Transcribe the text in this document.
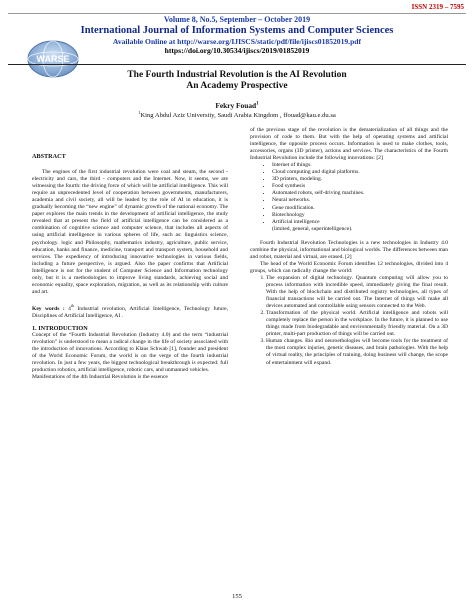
ISSN 2319 – 7595
WARSE
Volume 8, No.5, September – October 2019
International Journal of Information Systems and Computer Sciences
Available Online at http://warse.org/IJISCS/static/pdf/file/ijiscs01852019.pdf
https://doi.org/10.30534/ijiscs/2019/01852019
The Fourth Industrial Revolution is the AI Revolution
An Academy Prospective
Fekry Fouad$^1$
$^1$King Abdul Aziz University, Saudi Arabia Kingdom , ffouad@kau.e.du.sa

ABSTRACT

The engines of the first industrial revolution were coal and steam, the second - electricity and cars, the third - computers and the Internet. Now, it seems, we are witnessing the fourth: the driving force of which will be artificial intelligence. This will require an unprecedented level of cooperation between governments, manufacturers, academia and civil society, all will be leaded by the role of AI in education, it is gradually becoming the “new engine” of dynamic growth of the national economy. The paper explores the main trends in the development of artificial intelligence, the study revealed that at present the field of artificial intelligence can be considered as a combination of cognitive science and computer science, that includes all aspects of using artificial intelligence in various spheres of life, such as: linguistics science, psychology. logic and Philosophy, mathematics industry, agriculture, public service, education, banks and finance, medicine, transport and transport system, household and services. The expediency of introducing innovative technologies in various fields, including a future perspective, is argued. Also the paper confirms that Artificial Intelligence is not for the student of Computer Science and Information technology only, but it is a methodologies to improve living standards, achieving social and economic equality, space exploration, migration, as well as its relationship with culture and art.

Key words : 4th Industrial revolution, Artificial Intelligence, Technology future, Disciplines of Artificial Intelligence, AI .

1. INTRODUCTION

Concept of the “Fourth Industrial Revolution (Industry 4.0) and the term “industrial revolution” is understood to mean a radical change in the life of society associated with the introduction of innovations. According to Klaus Schwab [1], founder and president of the World Economic Forum, the world is on the verge of the fourth industrial revolution. In just a few years, the biggest technological breakthrough is expected: full production robotics, artificial intelligence, robotic cars, and unmanned vehicles.

Manifestations of the 4th Industrial Revolution is the essence

of the previous stage of the revolution is the dematerialization of all things and the provision of code to them. But with the help of operating systems and artificial intelligence, the opposite process occurs. Information is used to make clothes, tools, accessories, organs (3D printer), actions and services. The characteristics of the Fourth Industrial Revolution include the following innovations: [2]

• Internet of things.
• Cloud computing and digital platforms.
• 3D printers, modeling.
• Food synthesis
• Automated robots, self-driving machines.
• Neural networks.
• Gene modification.
• Biotechnology
• Artificial intelligence

(limited, general, superintelligence).

Fourth Industrial Revolution Technologies is a new technologies in Industry 4.0 combine the physical, informational and biological worlds. The differences between man and robot, material and virtual, are erased. [2]

The head of the World Economic Forum identifies 12 technologies, divided into 4 groups, which can radically change the world:

1. The expansion of digital technology. Quantum computing will allow you to process information with incredible speed, immediately giving the final result. With the help of blockchain and distributed registry technologies, all types of financial transactions will be carried out. The Internet of things will make all devices automated and controllable using sensors connected to the Web.
2. Transformation of the physical world. Artificial intelligence and robots will completely replace the person in the workplace. In the future, it is planned to use things made from biodegradable and environmentally friendly material. On a 3D printer, multi-part production of things will be carried out.
3. Human changes. Bio and neuroethologies will become tools for the treatment of the most complex injuries, genetic diseases, and brain pathologies. With the help of virtual reality, the principles of training, doing business will change, the scope of entertainment will expand.
155
